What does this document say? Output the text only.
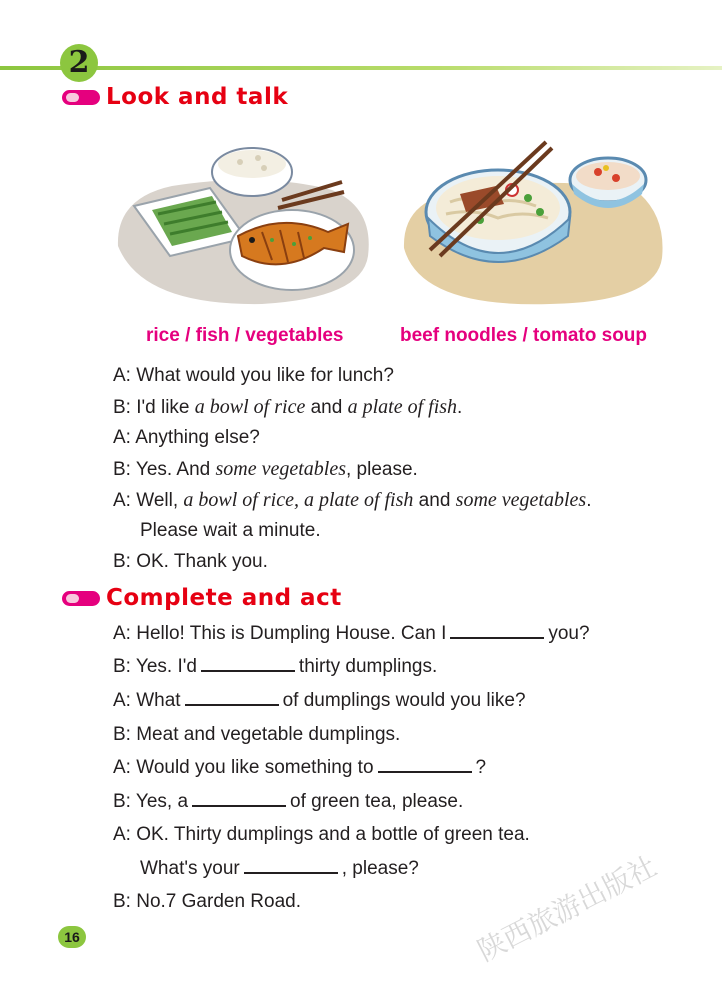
2
Look and talk
rice / fish / vegetables	beef noodles / tomato soup
A: What would you like for lunch?
B: I'd like a bowl of rice and a plate of fish.
A: Anything else?
B: Yes. And some vegetables, please.
A: Well, a bowl of rice, a plate of fish and some vegetables.
Please wait a minute.
B: OK. Thank you.
Complete and act
A: Hello! This is Dumpling House. Can I	you?
B: Yes. I'd	thirty dumplings.
A: What	of dumplings would you like?
B: Meat and vegetable dumplings.
A: Would you like something to	?
B: Yes, a	of green tea, please.
A: OK. Thirty dumplings and a bottle of green tea.
What's your	, please?
B: No.7 Garden Road.
16	陕西旅游出版社
